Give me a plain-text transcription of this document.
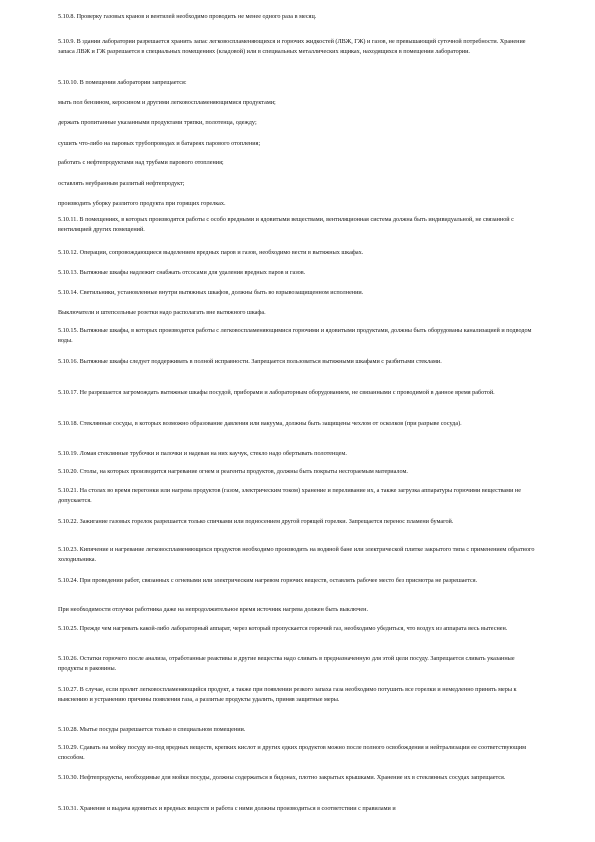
5.10.8. Проверку газовых кранов и вентилей необходимо проводить не менее одного раза в месяц.

5.10.9. В здании лаборатории разрешается хранить запас легковоспламеняющихся и горючих жидкостей (ЛВЖ, ГЖ) и газов, не превышающий суточной потребности. Хранение запаса ЛВЖ и ГЖ разрешается в специальных помещениях (кладовой) или в специальных металлических ящиках, находящихся в помещении лаборатории.

5.10.10. В помещении лаборатории запрещается:

мыть пол бензином, керосином и другими легковоспламеняющимися продуктами;

держать пропитанные указанными продуктами тряпки, полотенца, одежду;

сушить что-либо на паровых трубопроводах и батареях парового отопления;

работать с нефтепродуктами над трубами парового отопления;

оставлять неубранным разлитый нефтепродукт;

производить уборку разлитого продукта при горящих горелках.

5.10.11. В помещениях, в которых производятся работы с особо вредными и ядовитыми веществами, вентиляционная система должна быть индивидуальной, не связанной с вентиляцией других помещений.

5.10.12. Операции, сопровождающиеся выделением вредных паров и газов, необходимо вести в вытяжных шкафах.

5.10.13. Вытяжные шкафы надлежит снабжать отсосами для удаления вредных паров и газов.

5.10.14. Светильники, установленные внутри вытяжных шкафов, должны быть во взрывозащищенном исполнении.

Выключатели и штепсельные розетки надо располагать вне вытяжного шкафа.

5.10.15. Вытяжные шкафы, в которых производятся работы с легковоспламеняющимися горючими и ядовитыми продуктами, должны быть оборудованы канализацией и подводом воды.

5.10.16. Вытяжные шкафы следует поддерживать в полной исправности. Запрещается пользоваться вытяжными шкафами с разбитыми стеклами.

5.10.17. Не разрешается загромождать вытяжные шкафы посудой, приборами и лабораторным оборудованием, не связанными с проводимой в данное время работой.

5.10.18. Стеклянные сосуды, в которых возможно образование давления или вакуума, должны быть защищены чехлом от осколков (при разрыве сосуда).

5.10.19. Ломая стеклянные трубочки и палочки и надевая на них каучук, стекло надо обертывать полотенцем.

5.10.20. Столы, на которых производится нагревание огнем и реагенты продуктов, должны быть покрыты несгораемым материалом.

5.10.21. На столах во время перегонки или нагрева продуктов (газом, электрическим током) хранение и переливание их, а также загрузка аппаратуры горючими веществами не допускается.

5.10.22. Зажигание газовых горелок разрешается только спичками или подносением другой горящей горелки. Запрещается перенос пламени бумагой.

5.10.23. Кипячение и нагревание легковоспламеняющихся продуктов необходимо производить на водяной бане или электрической плитке закрытого типа с применением обратного холодильника.

5.10.24. При проведении работ, связанных с огневыми или электрическим нагревом горючих веществ, оставлять рабочее место без присмотра не разрешается.

При необходимости отлучки работника даже на непродолжительное время источник нагрева должен быть выключен.

5.10.25. Прежде чем нагревать какой-либо лабораторный аппарат, через который пропускается горючий газ, необходимо убедиться, что воздух из аппарата весь вытеснен.

5.10.26. Остатки горючего после анализа, отработанные реактивы и другие вещества надо сливать в предназначенную для этой цели посуду. Запрещается сливать указанные продукты в раковины.

5.10.27. В случае, если пролит легковоспламеняющийся продукт, а также при появлении резкого запаха газа необходимо потушить все горелки и немедленно принять меры к выяснению и устранению причины появления газа, а разлитые продукты удалить, приняв защитные меры.

5.10.28. Мытье посуды разрешается только в специальном помещении.

5.10.29. Сдавать на мойку посуду из-под вредных веществ, крепких кислот и других едких продуктов можно после полного освобождения и нейтрализации ее соответствующим способом.

5.10.30. Нефтепродукты, необходимые для мойки посуды, должны содержаться в бидонах, плотно закрытых крышками. Хранение их в стеклянных сосудах запрещается.

5.10.31. Хранение и выдача ядовитых и вредных веществ и работа с ними должны производиться в соответствии с правилами и
